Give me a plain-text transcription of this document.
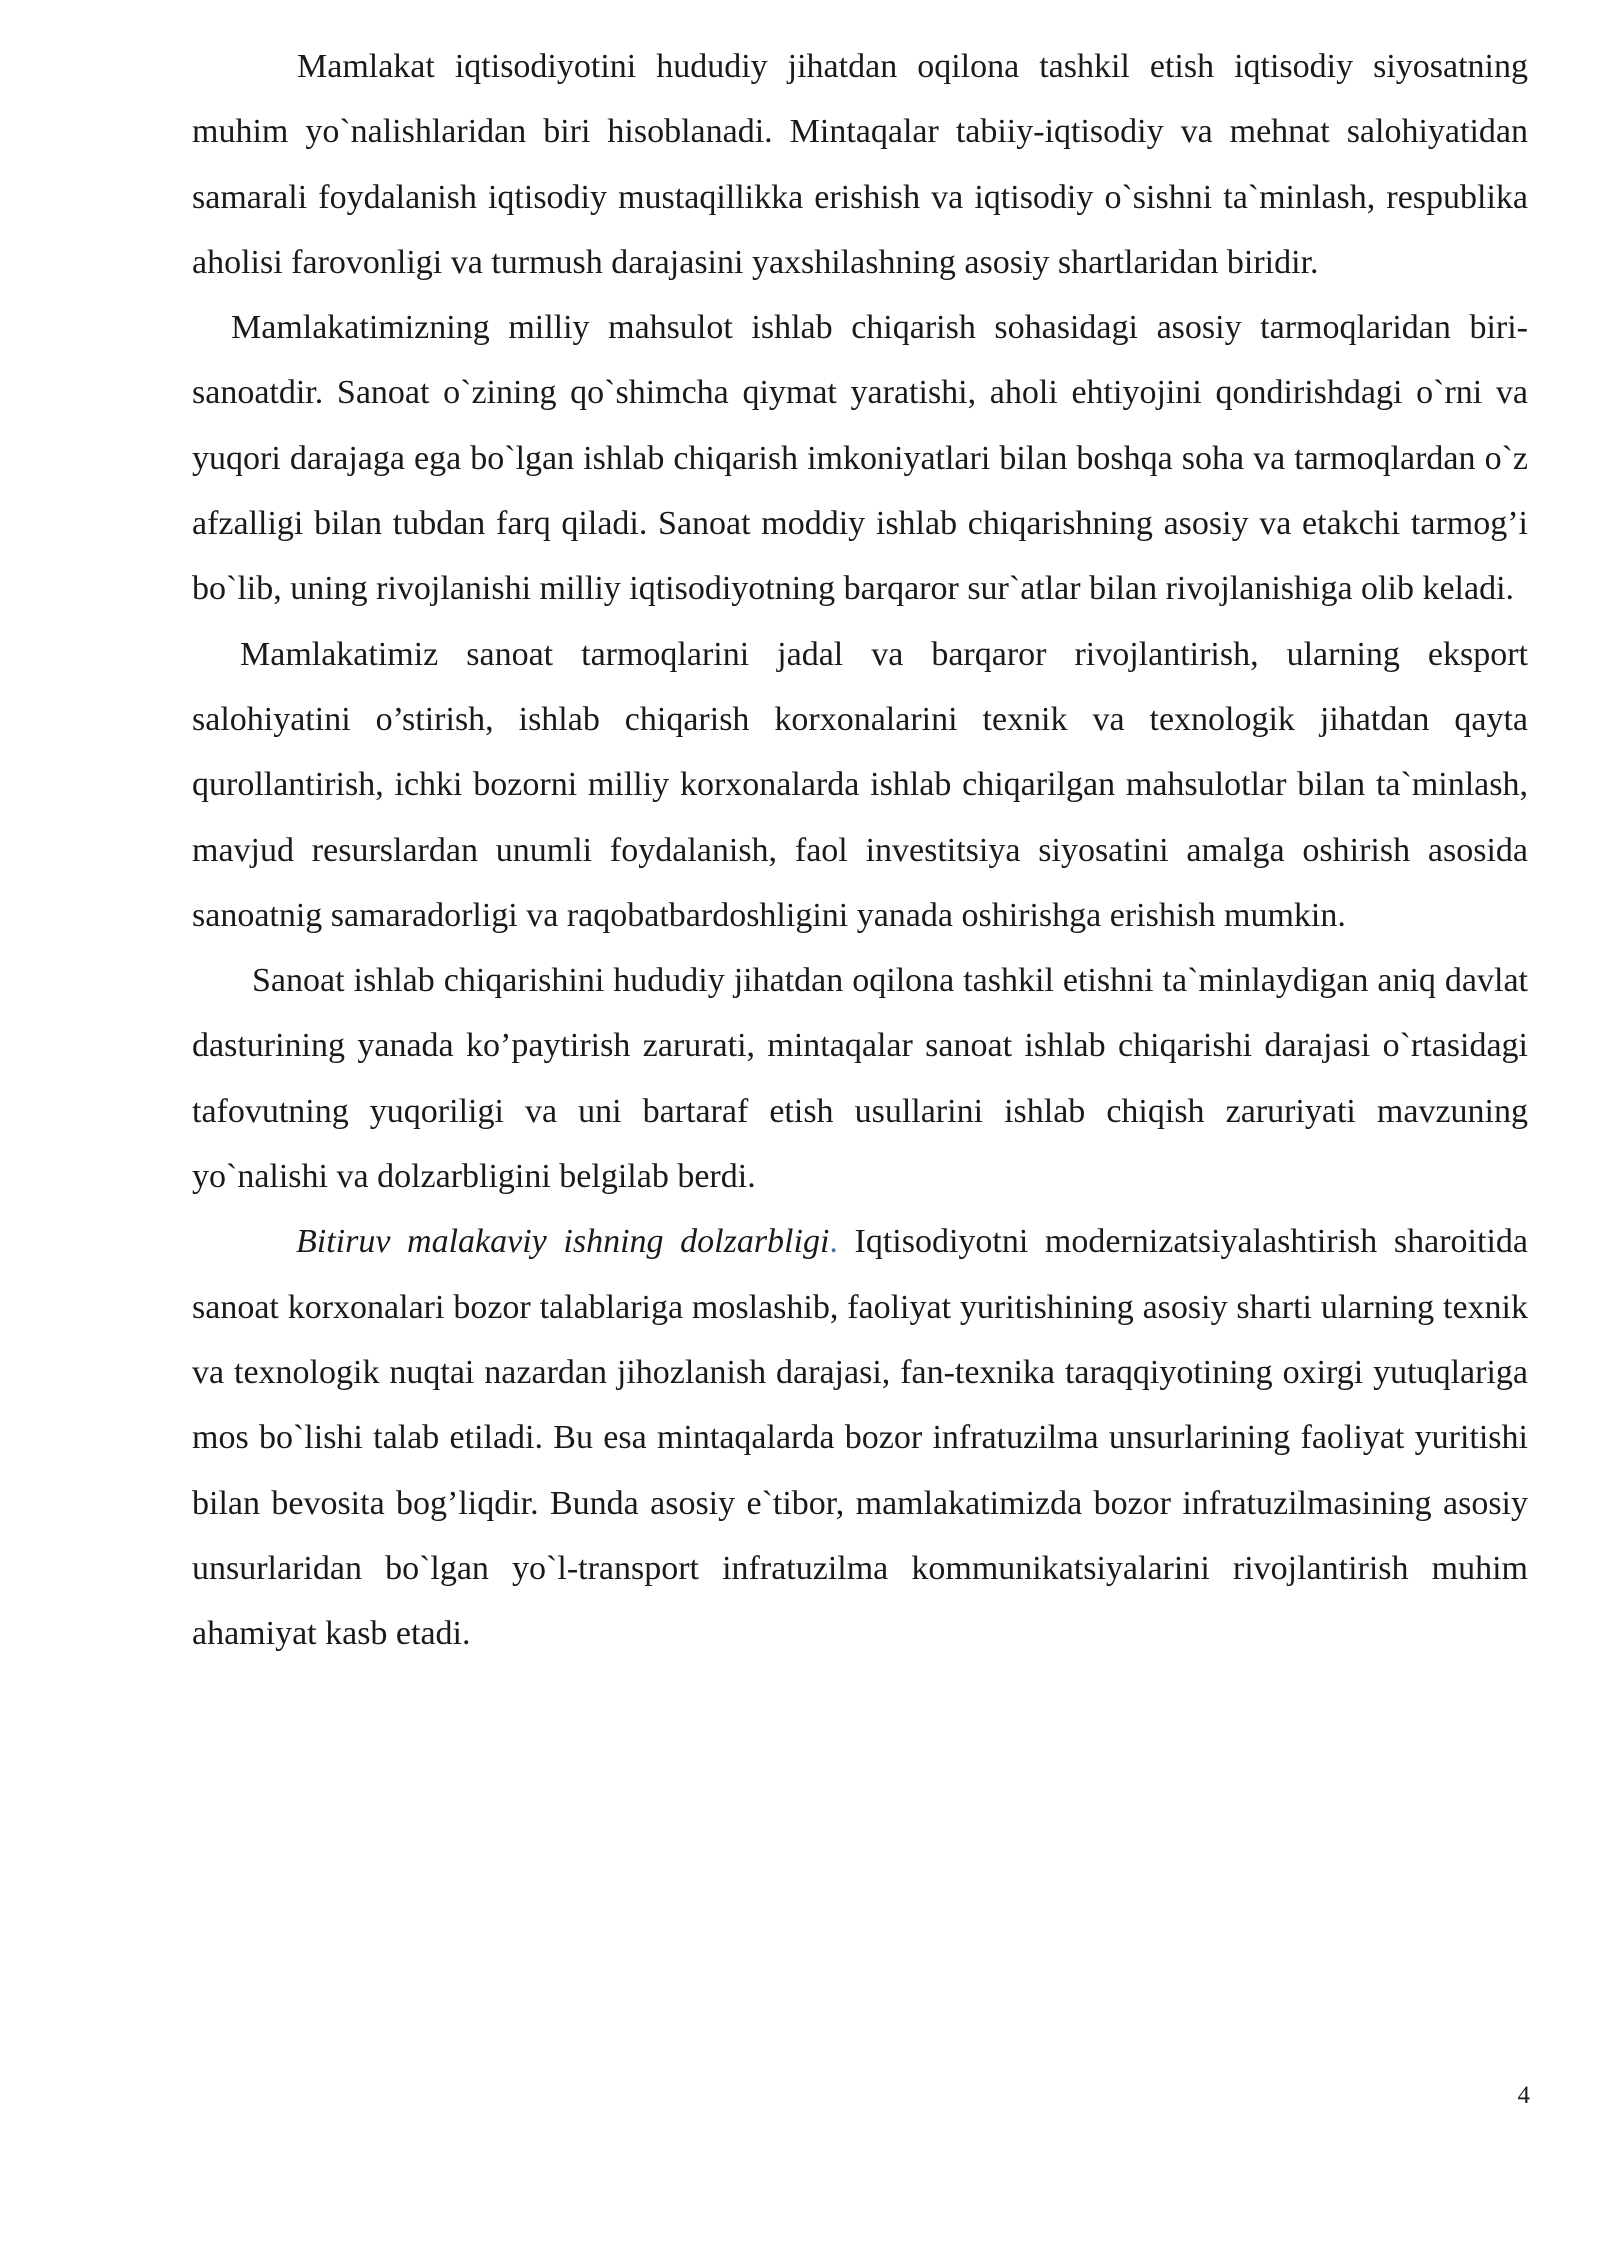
Mamlakat iqtisodiyotini hududiy jihatdan oqilona tashkil etish iqtisodiy siyosatning muhim yo`nalishlaridan biri hisoblanadi. Mintaqalar tabiiy-iqtisodiy va mehnat salohiyatidan samarali foydalanish iqtisodiy mustaqillikka erishish va iqtisodiy o`sishni ta`minlash, respublika aholisi farovonligi va turmush darajasini yaxshilashning asosiy shartlaridan biridir.

Mamlakatimizning milliy mahsulot ishlab chiqarish sohasidagi asosiy tarmoqlaridan biri-sanoatdir. Sanoat o`zining qo`shimcha qiymat yaratishi, aholi ehtiyojini qondirishdagi o`rni va yuqori darajaga ega bo`lgan ishlab chiqarish imkoniyatlari bilan boshqa soha va tarmoqlardan o`z afzalligi bilan tubdan farq qiladi. Sanoat moddiy ishlab chiqarishning asosiy va etakchi tarmog’i bo`lib, uning rivojlanishi milliy iqtisodiyotning barqaror sur`atlar bilan rivojlanishiga olib keladi.

Mamlakatimiz sanoat tarmoqlarini jadal va barqaror rivojlantirish, ularning eksport salohiyatini o’stirish, ishlab chiqarish korxonalarini texnik va texnologik jihatdan qayta qurollantirish, ichki bozorni milliy korxonalarda ishlab chiqarilgan mahsulotlar bilan ta`minlash, mavjud resurslardan unumli foydalanish, faol investitsiya siyosatini amalga oshirish asosida sanoatnig samaradorligi va raqobatbardoshligini yanada oshirishga erishish mumkin.

Sanoat ishlab chiqarishini hududiy jihatdan oqilona tashkil etishni ta`minlaydigan aniq davlat dasturining yanada ko’paytirish zarurati, mintaqalar sanoat ishlab chiqarishi darajasi o`rtasidagi tafovutning yuqoriligi va uni bartaraf etish usullarini ishlab chiqish zaruriyati mavzuning yo`nalishi va dolzarbligini belgilab berdi.

Bitiruv malakaviy ishning dolzarbligi. Iqtisodiyotni modernizatsiyalashtirish sharoitida sanoat korxonalari bozor talablariga moslashib, faoliyat yuritishining asosiy sharti ularning texnik va texnologik nuqtai nazardan jihozlanish darajasi, fan-texnika taraqqiyotining oxirgi yutuqlariga mos bo`lishi talab etiladi. Bu esa mintaqalarda bozor infratuzilma unsurlarining faoliyat yuritishi bilan bevosita bog’liqdir. Bunda asosiy e`tibor, mamlakatimizda bozor infratuzilmasining asosiy unsurlaridan bo`lgan yo`l-transport infratuzilma kommunikatsiyalarini rivojlantirish muhim ahamiyat kasb etadi.

4
